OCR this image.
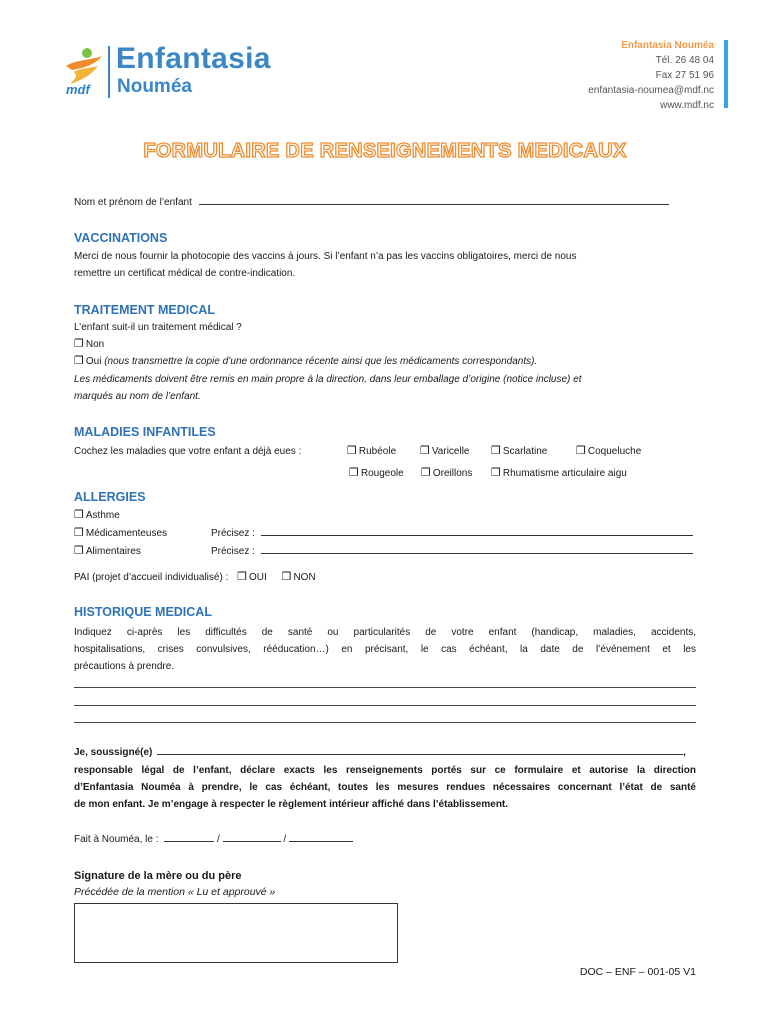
mdf
Enfantasia
Nouméa
Enfantasia Nouméa
Tél. 26 48 04
Fax 27 51 96
enfantasia-noumea@mdf.nc
www.mdf.nc
FORMULAIRE DE RENSEIGNEMENTS MEDICAUX
Nom et prénom de l’enfant
VACCINATIONS
Merci de nous fournir la photocopie des vaccins à jours. Si l’enfant n’a pas les vaccins obligatoires, merci de nous
remettre un certificat médical de contre-indication.
TRAITEMENT MEDICAL
L’enfant suit-il un traitement médical ?
❒ Non
❒ Oui (nous transmettre la copie d’une ordonnance récente ainsi que les médicaments correspondants).
Les médicaments doivent être remis en main propre à la direction, dans leur emballage d’origine (notice incluse) et
marqués au nom de l’enfant.
MALADIES INFANTILES
Cochez les maladies que votre enfant a déjà eues :	❒ Rubéole ❒ Varicelle ❒ Scarlatine	❒ Coqueluche
❒ Rougeole ❒ Oreillons ❒ Rhumatisme articulaire aigu
ALLERGIES
❒ Asthme
❒ Médicamenteuses	Précisez :
❒ Alimentaires	Précisez :
PAI (projet d’accueil individualisé) : ❒ OUI ❒ NON
HISTORIQUE MEDICAL
Indiquez ci-après les difficultés de santé ou particularités de votre enfant (handicap, maladies, accidents,
hospitalisations, crises convulsives, rééducation…) en précisant, le cas échéant, la date de l’événement et les
précautions à prendre.
Je, soussigné(e)	,
responsable légal de l’enfant, déclare exacts les renseignements portés sur ce formulaire et autorise la direction
d’Enfantasia Nouméa à prendre, le cas échéant, toutes les mesures rendues nécessaires concernant l’état de santé
de mon enfant. Je m’engage à respecter le règlement intérieur affiché dans l’établissement.
Fait à Nouméa, le :	/	/
Signature de la mère ou du père
Précédée de la mention « Lu et approuvé »
DOC – ENF – 001-05 V1
